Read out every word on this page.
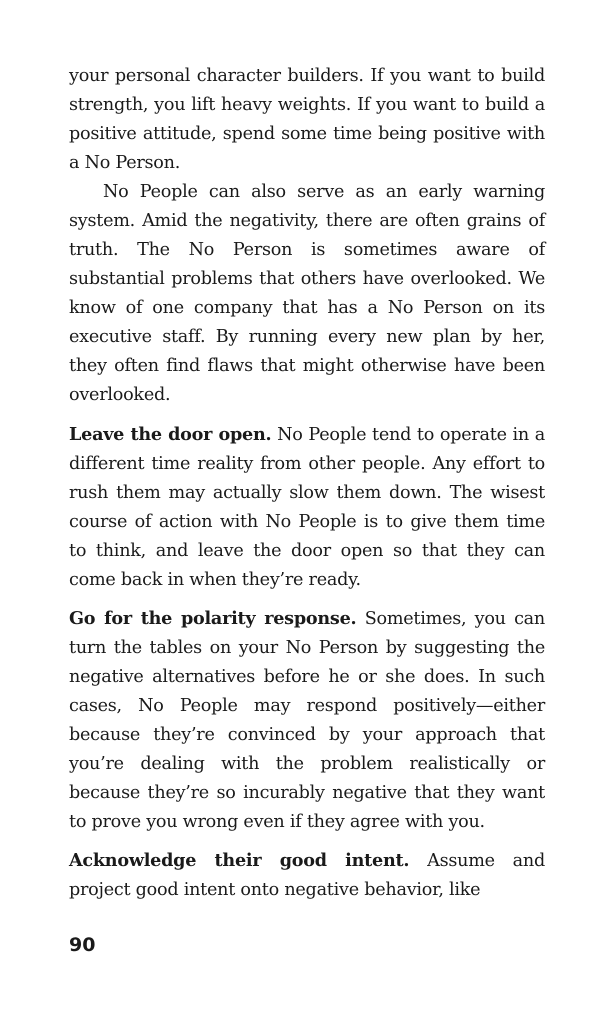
your personal character builders. If you want to build strength, you lift heavy weights. If you want to build a positive attitude, spend some time being positive with a No Person.

No People can also serve as an early warning system. Amid the negativity, there are often grains of truth. The No Person is sometimes aware of substantial problems that others have overlooked. We know of one company that has a No Person on its executive staff. By running every new plan by her, they often find flaws that might otherwise have been overlooked.

Leave the door open. No People tend to operate in a different time reality from other people. Any effort to rush them may actually slow them down. The wisest course of action with No People is to give them time to think, and leave the door open so that they can come back in when they’re ready.

Go for the polarity response. Sometimes, you can turn the tables on your No Person by suggesting the negative alternatives before he or she does. In such cases, No People may respond positively—either because they’re convinced by your approach that you’re dealing with the problem realistically or because they’re so incurably negative that they want to prove you wrong even if they agree with you.

Acknowledge their good intent. Assume and project good intent onto negative behavior, like

90
